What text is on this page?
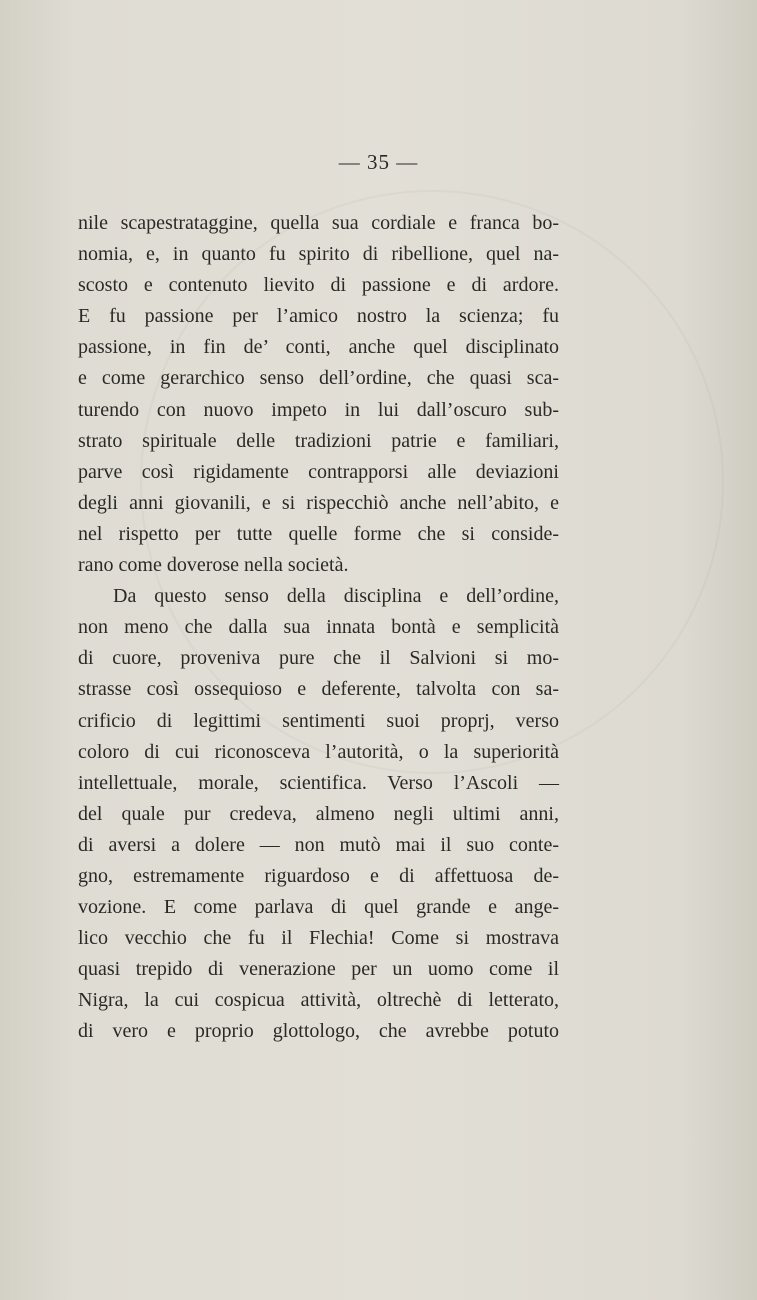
— 35 —
nile scapestrataggine, quella sua cordiale e franca bo-
nomia, e, in quanto fu spirito di ribellione, quel na-
scosto e contenuto lievito di passione e di ardore.
E fu passione per l’amico nostro la scienza; fu
passione, in fin de’ conti, anche quel disciplinato
e come gerarchico senso dell’ordine, che quasi sca-
turendo con nuovo impeto in lui dall’oscuro sub-
strato spirituale delle tradizioni patrie e familiari,
parve così rigidamente contrapporsi alle deviazioni
degli anni giovanili, e si rispecchiò anche nell’abito, e
nel rispetto per tutte quelle forme che si conside-
rano come doverose nella società.
Da questo senso della disciplina e dell’ordine,
non meno che dalla sua innata bontà e semplicità
di cuore, proveniva pure che il Salvioni si mo-
strasse così ossequioso e deferente, talvolta con sa-
crificio di legittimi sentimenti suoi proprj, verso
coloro di cui riconosceva l’autorità, o la superiorità
intellettuale, morale, scientifica. Verso l’Ascoli —
del quale pur credeva, almeno negli ultimi anni,
di aversi a dolere — non mutò mai il suo conte-
gno, estremamente riguardoso e di affettuosa de-
vozione. E come parlava di quel grande e ange-
lico vecchio che fu il Flechia! Come si mostrava
quasi trepido di venerazione per un uomo come il
Nigra, la cui cospicua attività, oltrechè di letterato,
di vero e proprio glottologo, che avrebbe potuto
